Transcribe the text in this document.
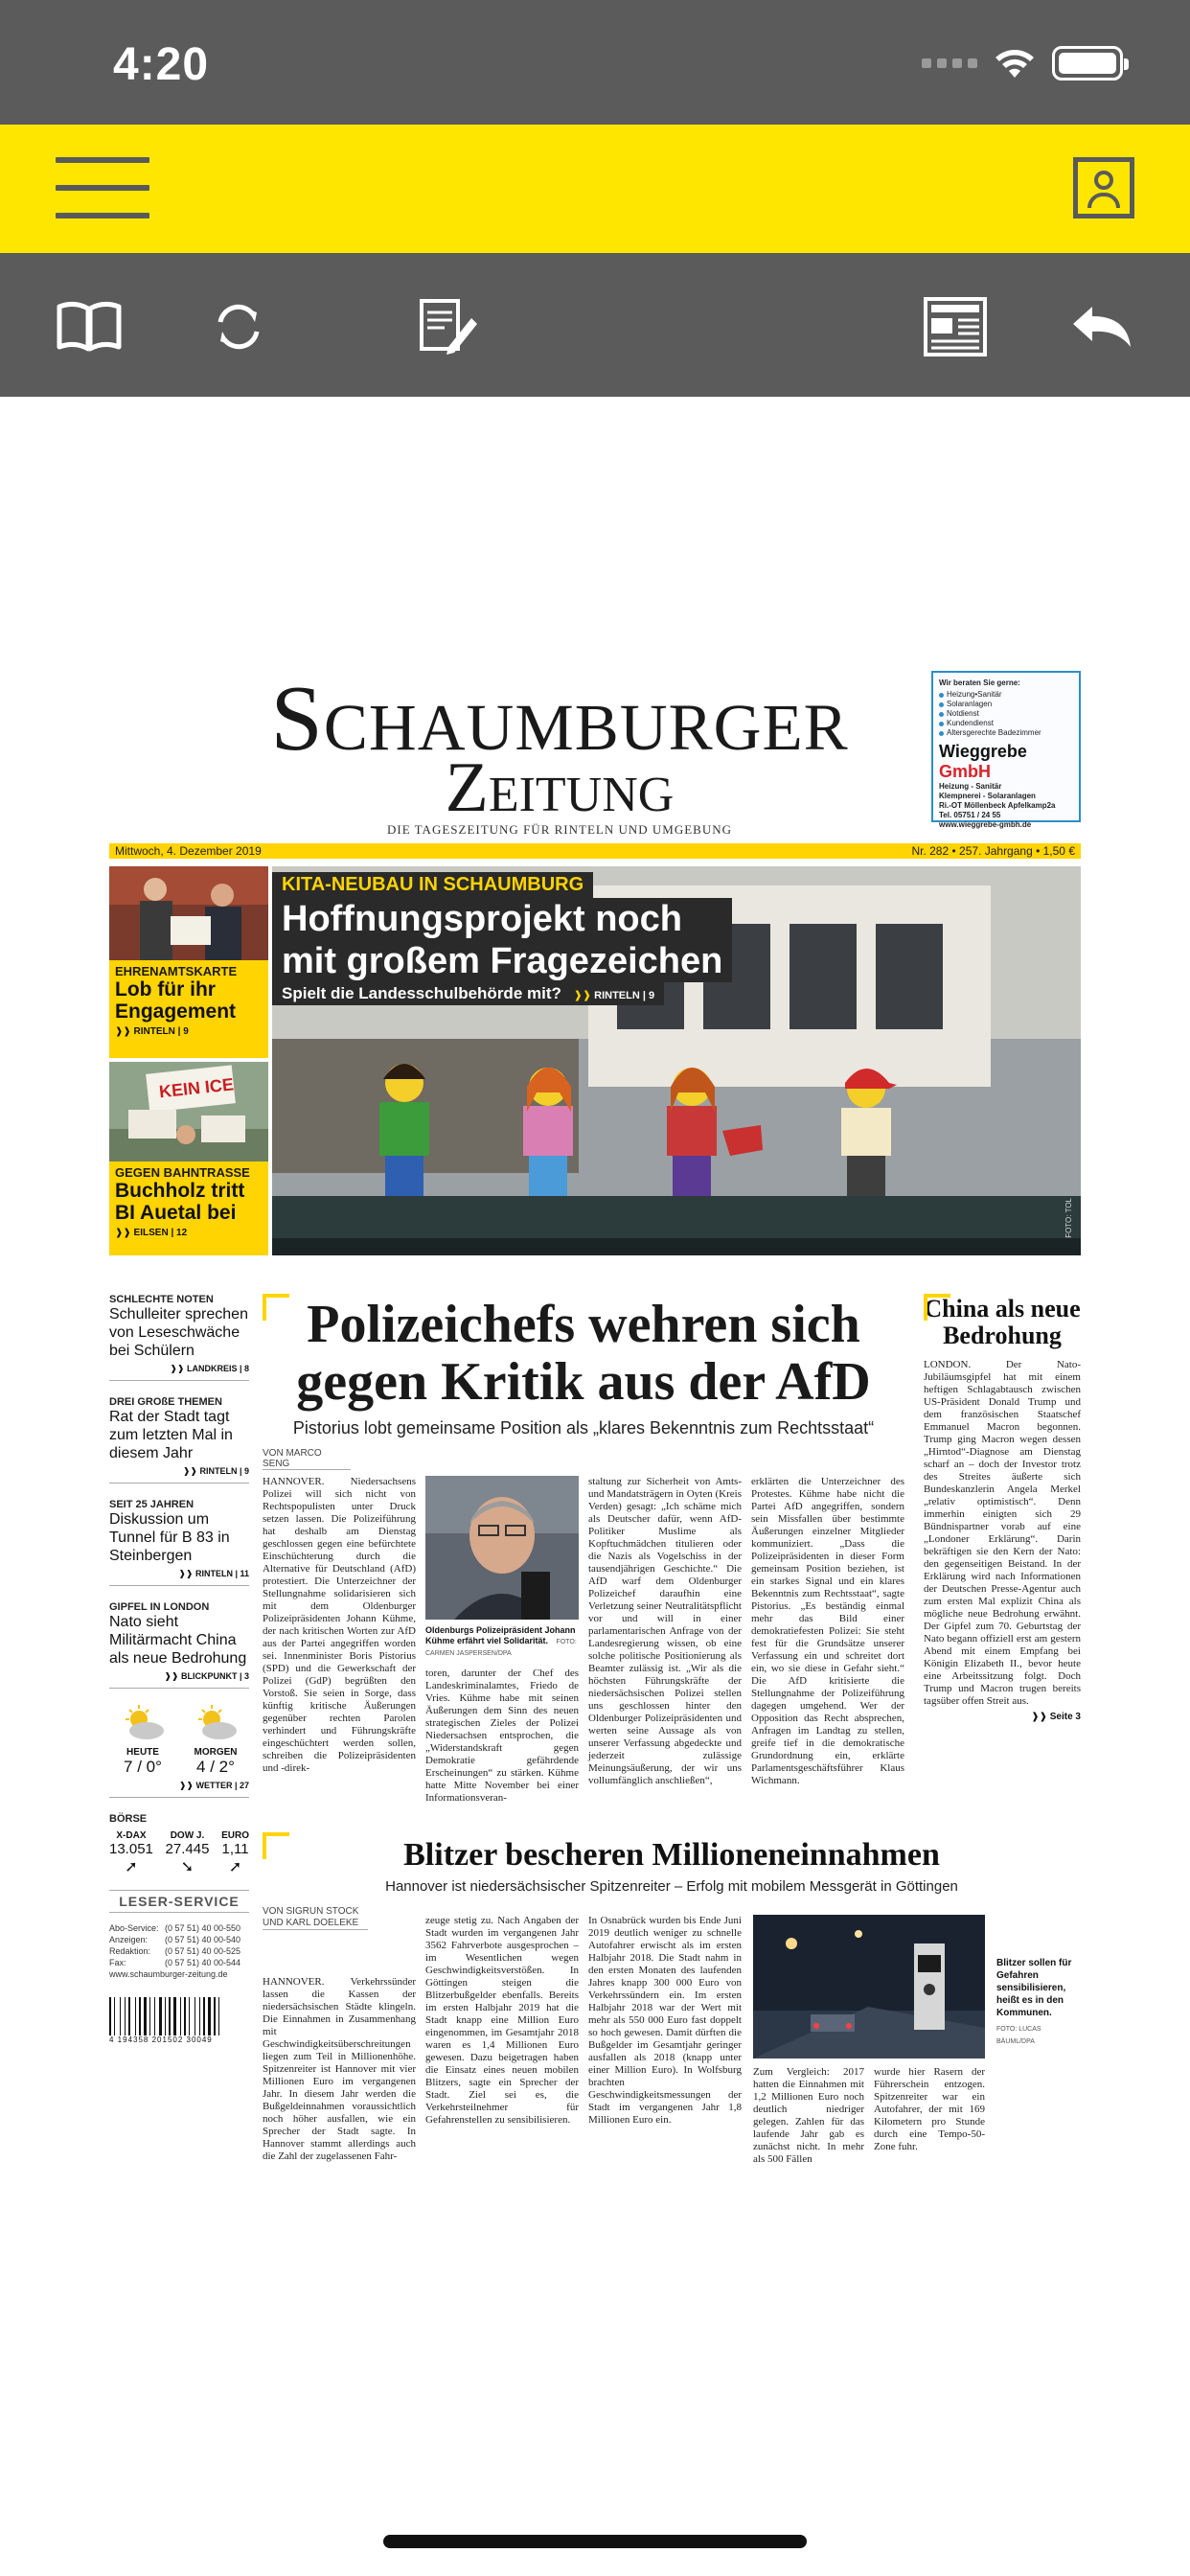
4:20
Schaumburger
Zeitung
DIE TAGESZEITUNG FÜR RINTELN UND UMGEBUNG
Wir beraten Sie gerne:
Heizung•Sanitär
Solaranlagen
Notdienst
Kundendienst
Altersgerechte Badezimmer
Wieggrebe GmbH
Heizung - Sanitär
Klempnerei - Solaranlagen
Ri.-OT Möllenbeck Apfelkamp2a
Tel. 05751 / 24 55
www.wieggrebe-gmbh.de
Mittwoch, 4. Dezember 2019	Nr. 282 • 257. Jahrgang • 1,50 €
EHRENAMTSKARTE
Lob für ihr Engagement
❱❱ RINTELN | 9
KEIN ICE
GEGEN BAHNTRASSE
Buchholz tritt BI Auetal bei
❱❱ EILSEN | 12
KITA-NEUBAU IN SCHAUMBURG

Hoffnungsprojekt noch
mit großem Fragezeichen

Spielt die Landesschulbehörde mit? ❱❱ RINTELN | 9
FOTO: TOL
SCHLECHTE NOTEN
Schulleiter sprechen von Leseschwäche bei Schülern
❱❱ LANDKREIS | 8
DREI GROßE THEMEN
Rat der Stadt tagt zum letzten Mal in diesem Jahr
❱❱ RINTELN | 9
SEIT 25 JAHREN
Diskussion um Tunnel für B 83 in Steinbergen
❱❱ RINTELN | 11
GIPFEL IN LONDON
Nato sieht Militärmacht China als neue Bedrohung
❱❱ BLICKPUNKT | 3
HEUTE
7 / 0°
MORGEN
4 / 2°
❱❱ WETTER | 27
BÖRSE
X-DAX
13.051
➚
DOW J.
27.445
➘
EURO
1,11
➚
LESER-SERVICE
Abo-Service: (0 57 51) 40 00-550
Anzeigen:	(0 57 51) 40 00-540
Redaktion:	(0 57 51) 40 00-525
Fax:	(0 57 51) 40 00-544
www.schaumburger-zeitung.de
4 194358 201502 30049
Polizeichefs wehren sich
gegen Kritik aus der AfD
Pistorius lobt gemeinsame Position als „klares Bekenntnis zum Rechtsstaat“
VON MARCO SENG
HANNOVER. Niedersachsens Polizei will sich nicht von Rechtspopulisten unter Druck setzen lassen. Die Polizeiführung hat deshalb am Dienstag geschlossen gegen eine befürchtete Einschüchterung durch die Alternative für Deutschland (AfD) protestiert. Die Unterzeichner der Stellungnahme solidarisieren sich mit dem Oldenburger Polizeipräsidenten Johann Kühme, der nach kritischen Worten zur AfD aus der Partei angegriffen worden sei. Innenminister Boris Pistorius (SPD) und die Gewerkschaft der Polizei (GdP) begrüßten den Vorstoß. Sie seien in Sorge, dass künftig kritische Äußerungen gegenüber rechten Parolen verhindert und Führungskräfte eingeschüchtert werden sollen, schreiben die Polizeipräsidenten und -direk-
Oldenburgs Polizeipräsident Johann Kühme erfährt viel Solidarität. FOTO: CARMEN JASPERSEN/DPA
toren, darunter der Chef des Landeskriminalamtes, Friedo de Vries. Kühme habe mit seinen Äußerungen dem Sinn des neuen strategischen Zieles der Polizei Niedersachsen entsprochen, die „Widerstandskraft gegen Demokratie gefährdende Erscheinungen“ zu stärken. Kühme hatte Mitte November bei einer Informationsveran-
staltung zur Sicherheit von Amts- und Mandatsträgern in Oyten (Kreis Verden) gesagt: „Ich schäme mich als Deutscher dafür, wenn AfD-Politiker Muslime als Kopftuchmädchen titulieren oder die Nazis als Vogelschiss in der tausendjährigen Geschichte.“ Die AfD warf dem Oldenburger Polizeichef daraufhin eine Verletzung seiner Neutralitätspflicht vor und will in einer parlamentarischen Anfrage von der Landesregierung wissen, ob eine solche politische Positionierung als Beamter zulässig ist. „Wir als die höchsten Führungskräfte der niedersächsischen Polizei stellen uns geschlossen hinter den Oldenburger Polizeipräsidenten und werten seine Aussage als von unserer Verfassung abgedeckte und jederzeit zulässige Meinungsäußerung, der wir uns vollumfänglich anschließen“,
erklärten die Unterzeichner des Protestes. Kühme habe nicht die Partei AfD angegriffen, sondern sein Missfallen über bestimmte Äußerungen einzelner Mitglieder kommuniziert. „Dass die Polizeipräsidenten in dieser Form gemeinsam Position beziehen, ist ein starkes Signal und ein klares Bekenntnis zum Rechtsstaat“, sagte Pistorius. „Es beständig einmal mehr das Bild einer demokratiefesten Polizei: Sie steht fest für die Grundsätze unserer Verfassung ein und schreitet dort ein, wo sie diese in Gefahr sieht.“ Die AfD kritisierte die Stellungnahme der Polizeiführung dagegen umgehend. Wer der Opposition das Recht absprechen, Anfragen im Landtag zu stellen, greife tief in die demokratische Grundordnung ein, erklärte Parlamentsgeschäftsführer Klaus Wichmann.
China als neue Bedrohung
LONDON. Der Nato-Jubiläumsgipfel hat mit einem heftigen Schlagabtausch zwischen US-Präsident Donald Trump und dem französischen Staatschef Emmanuel Macron begonnen. Trump ging Macron wegen dessen „Hirntod“-Diagnose am Dienstag scharf an – doch der Investor trotz des Streites äußerte sich Bundeskanzlerin Angela Merkel „relativ optimistisch“. Denn immerhin einigten sich 29 Bündnispartner vorab auf eine „Londoner Erklärung“. Darin bekräftigen sie den Kern der Nato: den gegenseitigen Beistand. In der Erklärung wird nach Informationen der Deutschen Presse-Agentur auch zum ersten Mal explizit China als mögliche neue Bedrohung erwähnt. Der Gipfel zum 70. Geburtstag der Nato begann offiziell erst am gestern Abend mit einem Empfang bei Königin Elizabeth II., bevor heute eine Arbeitssitzung folgt. Doch Trump und Macron trugen bereits tagsüber offen Streit aus.
❱❱ Seite 3
Blitzer bescheren Millioneneinnahmen
Hannover ist niedersächsischer Spitzenreiter – Erfolg mit mobilem Messgerät in Göttingen
VON SIGRUN STOCK
UND KARL DOELEKE
HANNOVER. Verkehrssünder lassen die Kassen der niedersächsischen Städte klingeln. Die Einnahmen in Zusammenhang mit Geschwindigkeitsüberschreitungen liegen zum Teil in Millionenhöhe. Spitzenreiter ist Hannover mit vier Millionen Euro im vergangenen Jahr. In diesem Jahr werden die Bußgeldeinnahmen voraussichtlich noch höher ausfallen, wie ein Sprecher der Stadt sagte. In Hannover stammt allerdings auch die Zahl der zugelassenen Fahr-
zeuge stetig zu. Nach Angaben der Stadt wurden im vergangenen Jahr 3562 Fahrverbote ausgesprochen – im Wesentlichen wegen Geschwindigkeitsverstößen. In Göttingen steigen die Blitzerbußgelder ebenfalls. Bereits im ersten Halbjahr 2019 hat die Stadt knapp eine Million Euro eingenommen, im Gesamtjahr 2018 waren es 1,4 Millionen Euro gewesen. Dazu beigetragen haben die Einsatz eines neuen mobilen Blitzers, sagte ein Sprecher der Stadt. Ziel sei es, die Verkehrsteilnehmer für Gefahrenstellen zu sensibilisieren.
In Osnabrück wurden bis Ende Juni 2019 deutlich weniger zu schnelle Autofahrer erwischt als im ersten Halbjahr 2018. Die Stadt nahm in den ersten Monaten des laufenden Jahres knapp 300 000 Euro von Verkehrssündern ein. Im ersten Halbjahr 2018 war der Wert mit mehr als 550 000 Euro fast doppelt so hoch gewesen. Damit dürften die Bußgelder im Gesamtjahr geringer ausfallen als 2018 (knapp unter einer Million Euro). In Wolfsburg brachten Geschwindigkeitsmessungen der Stadt im vergangenen Jahr 1,8 Millionen Euro ein.
Blitzer sollen für Gefahren sensibilisieren, heißt es in den Kommunen.
FOTO: LUCAS BÄUML/DPA
Zum Vergleich: 2017 hatten die Einnahmen mit 1,2 Millionen Euro noch deutlich niedriger gelegen. Zahlen für das laufende Jahr gab es zunächst nicht. In mehr als 500 Fällen
wurde hier Rasern der Führerschein entzogen. Spitzenreiter war ein Autofahrer, der mit 169 Kilometern pro Stunde durch eine Tempo-50-Zone fuhr.
